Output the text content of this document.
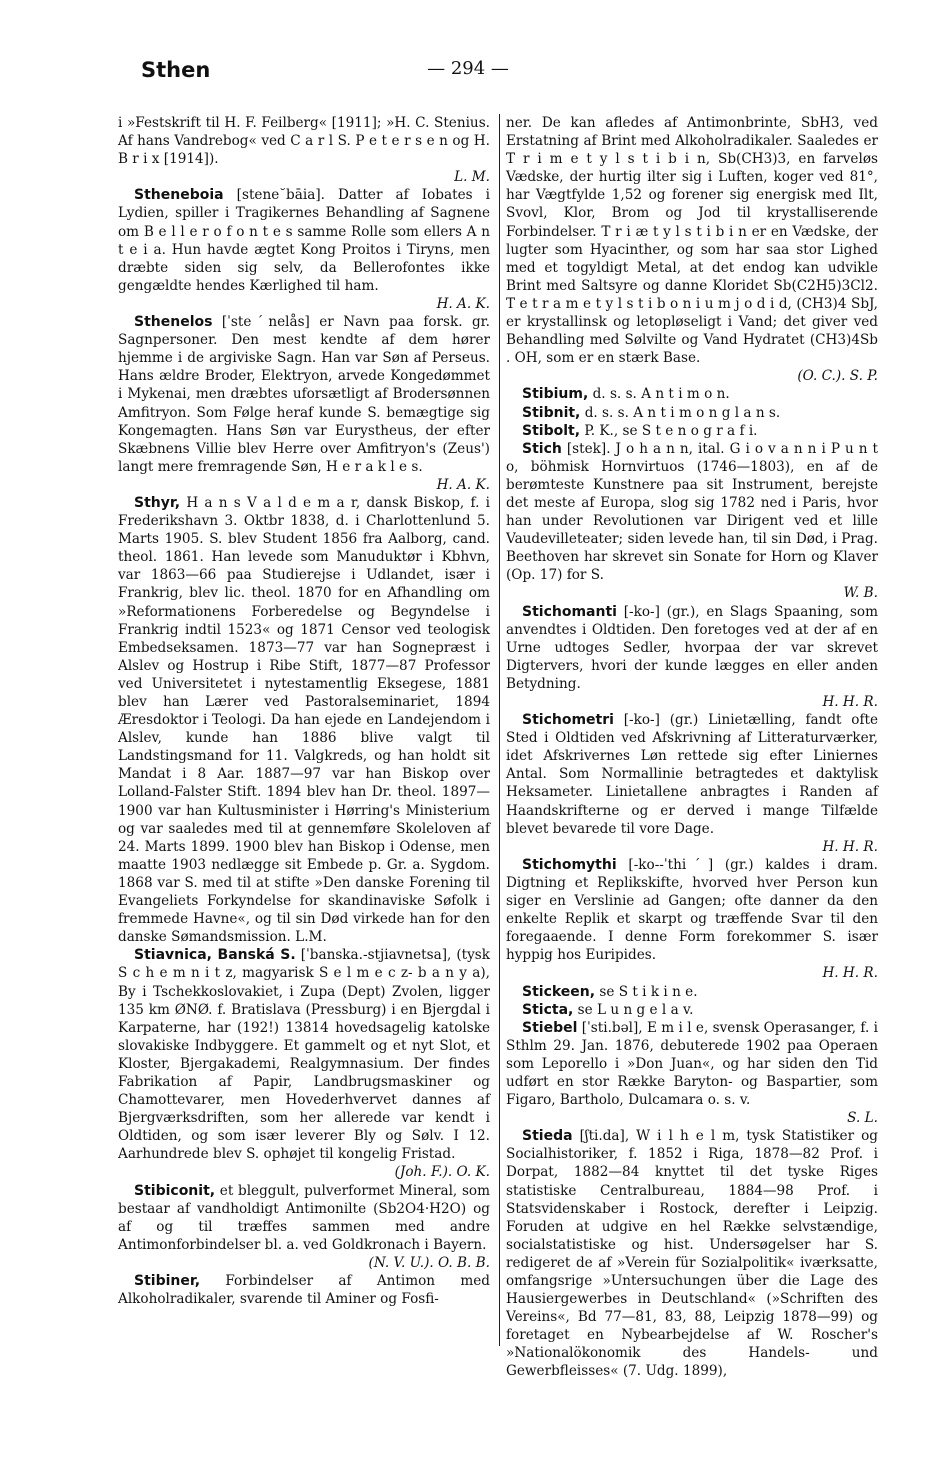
Sthen	— 294 —

i »Festskrift til H. F. Feilberg« [1911]; »H. C. Stenius. Af hans Vandrebog« ved C a r l S. P e t e r s e n og H. B r i x [1914]).
L. M.

Stheneboia [stene˘bāia]. Datter af Iobates i Lydien, spiller i Tragikernes Behandling af Sagnene om B e l l e r o f o n t e s samme Rolle som ellers A n t e i a. Hun havde ægtet Kong Proitos i Tiryns, men dræbte siden sig selv, da Bellerofontes ikke gengældte hendes Kærlighed til ham.
H. A. K.

Sthenelos [ˈsteˊnelås] er Navn paa forsk. gr. Sagnpersoner. Den mest kendte af dem hører hjemme i de argiviske Sagn. Han var Søn af Perseus. Hans ældre Broder, Elektryon, arvede Kongedømmet i Mykenai, men dræbtes uforsætligt af Brodersønnen Amfitryon. Som Følge heraf kunde S. bemægtige sig Kongemagten. Hans Søn var Eurystheus, der efter Skæbnens Villie blev Herre over Amfitryon's (Zeus') langt mere fremragende Søn, H e r a k l e s.
H. A. K.

Sthyr, H a n s V a l d e m a r, dansk Biskop, f. i Frederikshavn 3. Oktbr 1838, d. i Charlottenlund 5. Marts 1905. S. blev Student 1856 fra Aalborg, cand. theol. 1861. Han levede som Manuduktør i Kbhvn, var 1863—66 paa Studierejse i Udlandet, især i Frankrig, blev lic. theol. 1870 for en Afhandling om »Reformationens Forberedelse og Begyndelse i Frankrig indtil 1523« og 1871 Censor ved teologisk Embedseksamen. 1873—77 var han Sognepræst i Alslev og Hostrup i Ribe Stift, 1877—87 Professor ved Universitetet i nytestamentlig Eksegese, 1881 blev han Lærer ved Pastoralseminariet, 1894 Æresdoktor i Teologi. Da han ejede en Landejendom i Alslev, kunde han 1886 blive valgt til Landstingsmand for 11. Valgkreds, og han holdt sit Mandat i 8 Aar. 1887—97 var han Biskop over Lolland-Falster Stift. 1894 blev han Dr. theol. 1897—1900 var han Kultusminister i Hørring's Ministerium og var saaledes med til at gennemføre Skoleloven af 24. Marts 1899. 1900 blev han Biskop i Odense, men maatte 1903 nedlægge sit Embede p. Gr. a. Sygdom. 1868 var S. med til at stifte »Den danske Forening til Evangeliets Forkyndelse for skandinaviske Søfolk i fremmede Havne«, og til sin Død virkede han for den danske Sømandsmission. L.M.

Stiavnica, Banská S. [ˈbanska.-stjiavnetsa], (tysk S c h e m n i t z, magyarisk S e l m e c z- b a n y a), By i Tschekkoslovakiet, i Zupa (Dept) Zvolen, ligger 135 km ØNØ. f. Bratislava (Pressburg) i en Bjergdal i Karpaterne, har (192!) 13814 hovedsagelig katolske slovakiske Indbyggere. Et gammelt og et nyt Slot, et Kloster, Bjergakademi, Realgymnasium. Der findes Fabrikation af Papir, Landbrugsmaskiner og Chamottevarer, men Hovederhvervet dannes af Bjergværksdriften, som her allerede var kendt i Oldtiden, og som især leverer Bly og Sølv. I 12. Aarhundrede blev S. ophøjet til kongelig Fristad.
(Joh. F.). O. K.

Stibiconit, et bleggult, pulverformet Mineral, som bestaar af vandholdigt Antimonilte (Sb2O4·H2O) og af og til træffes sammen med andre Antimonforbindelser bl. a. ved Goldkronach i Bayern.
(N. V. U.). O. B. B.

Stibiner, Forbindelser af Antimon med Alkoholradikaler, svarende til Aminer og Fosfi-

ner. De kan afledes af Antimonbrinte, SbH3, ved Erstatning af Brint med Alkoholradikaler. Saaledes er T r i m e t y l s t i b i n, Sb(CH3)3, en farveløs Vædske, der hurtig ilter sig i Luften, koger ved 81°, har Vægtfylde 1,52 og forener sig energisk med Ilt, Svovl, Klor, Brom og Jod til krystalliserende Forbindelser. T r i æ t y l s t i b i n er en Vædske, der lugter som Hyacinther, og som har saa stor Lighed med et togyldigt Metal, at det endog kan udvikle Brint med Saltsyre og danne Kloridet Sb(C2H5)3Cl2. T e t r a m e t y l s t i b o n i u m j o d i d, (CH3)4 SbJ, er krystallinsk og letopløseligt i Vand; det giver ved Behandling med Sølvilte og Vand Hydratet (CH3)4Sb . OH, som er en stærk Base.
(O. C.). S. P.

Stibium, d. s. s. A n t i m o n.

Stibnit, d. s. s. A n t i m o n g l a n s.

Stibolt, P. K., se S t e n o g r a f i.

Stich [stek]. J o h a n n, ital. G i o v a n n i P u n t o, böhmisk Hornvirtuos (1746—1803), en af de berømteste Kunstnere paa sit Instrument, berejste det meste af Europa, slog sig 1782 ned i Paris, hvor han under Revolutionen var Dirigent ved et lille Vaudevilleteater; siden levede han, til sin Død, i Prag. Beethoven har skrevet sin Sonate for Horn og Klaver (Op. 17) for S.
W. B.

Stichomanti [-ko-] (gr.), en Slags Spaaning, som anvendtes i Oldtiden. Den foretoges ved at der af en Urne udtoges Sedler, hvorpaa der var skrevet Digtervers, hvori der kunde lægges en eller anden Betydning.
H. H. R.

Stichometri [-ko-] (gr.) Linietælling, fandt ofte Sted i Oldtiden ved Afskrivning af Litteraturværker, idet Afskrivernes Løn rettede sig efter Liniernes Antal. Som Normallinie betragtedes et daktylisk Heksameter. Linietallene anbragtes i Randen af Haandskrifterne og er derved i mange Tilfælde blevet bevarede til vore Dage.
H. H. R.

Stichomythi [-ko--ˈthiˊ] (gr.) kaldes i dram. Digtning et Replikskifte, hvorved hver Person kun siger en Verslinie ad Gangen; ofte danner da den enkelte Replik et skarpt og træffende Svar til den foregaaende. I denne Form forekommer S. især hyppig hos Euripides.
H. H. R.

Stickeen, se S t i k i n e.

Sticta, se L u n g e l a v.

Stiebel [ˈsti.bəl], E m i l e, svensk Operasanger, f. i Sthlm 29. Jan. 1876, debuterede 1902 paa Operaen som Leporello i »Don Juan«, og har siden den Tid udført en stor Række Baryton- og Baspartier, som Figaro, Bartholo, Dulcamara o. s. v.
S. L.

Stieda [ʃti.da], W i l h e l m, tysk Statistiker og Socialhistoriker, f. 1852 i Riga, 1878—82 Prof. i Dorpat, 1882—84 knyttet til det tyske Riges statistiske Centralbureau, 1884—98 Prof. i Statsvidenskaber i Rostock, derefter i Leipzig. Foruden at udgive en hel Række selvstændige, socialstatistiske og hist. Undersøgelser har S. redigeret de af »Verein für Sozialpolitik« iværksatte, omfangsrige »Untersuchungen über die Lage des Hausiergewerbes in Deutschland« (»Schriften des Vereins«, Bd 77—81, 83, 88, Leipzig 1878—99) og foretaget en Nybearbejdelse af W. Roscher's »Nationalökonomik des Handels- und Gewerbfleisses« (7. Udg. 1899),
